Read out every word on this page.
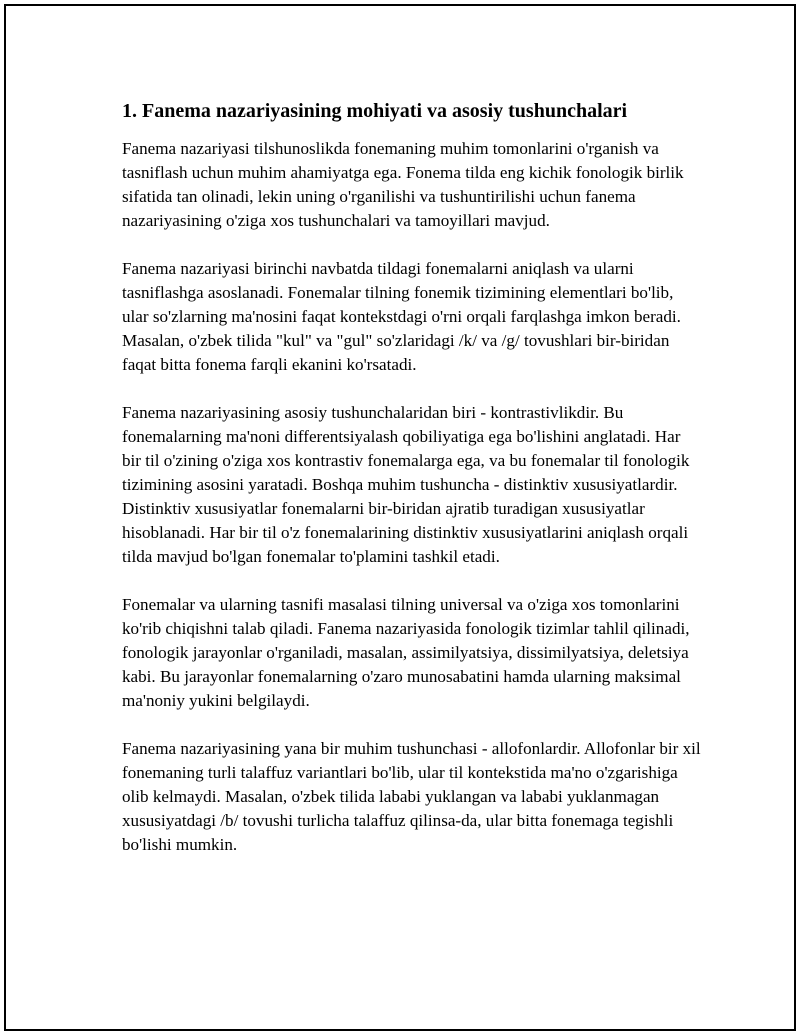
1. Fanema nazariyasining mohiyati va asosiy tushunchalari

Fanema nazariyasi tilshunoslikda fonemaning muhim tomonlarini o'rganish va tasniflash uchun muhim ahamiyatga ega. Fonema tilda eng kichik fonologik birlik sifatida tan olinadi, lekin uning o'rganilishi va tushuntirilishi uchun fanema nazariyasining o'ziga xos tushunchalari va tamoyillari mavjud.

Fanema nazariyasi birinchi navbatda tildagi fonemalarni aniqlash va ularni tasniflashga asoslanadi. Fonemalar tilning fonemik tizimining elementlari bo'lib, ular so'zlarning ma'nosini faqat kontekstdagi o'rni orqali farqlashga imkon beradi. Masalan, o'zbek tilida "kul" va "gul" so'zlaridagi /k/ va /g/ tovushlari bir-biridan faqat bitta fonema farqli ekanini ko'rsatadi.

Fanema nazariyasining asosiy tushunchalaridan biri - kontrastivlikdir. Bu fonemalarning ma'noni differentsiyalash qobiliyatiga ega bo'lishini anglatadi. Har bir til o'zining o'ziga xos kontrastiv fonemalarga ega, va bu fonemalar til fonologik tizimining asosini yaratadi. Boshqa muhim tushuncha - distinktiv xususiyatlardir. Distinktiv xususiyatlar fonemalarni bir-biridan ajratib turadigan xususiyatlar hisoblanadi. Har bir til o'z fonemalarining distinktiv xususiyatlarini aniqlash orqali tilda mavjud bo'lgan fonemalar to'plamini tashkil etadi.

Fonemalar va ularning tasnifi masalasi tilning universal va o'ziga xos tomonlarini ko'rib chiqishni talab qiladi. Fanema nazariyasida fonologik tizimlar tahlil qilinadi, fonologik jarayonlar o'rganiladi, masalan, assimilyatsiya, dissimilyatsiya, deletsiya kabi. Bu jarayonlar fonemalarning o'zaro munosabatini hamda ularning maksimal ma'noniy yukini belgilaydi.

Fanema nazariyasining yana bir muhim tushunchasi - allofonlardir. Allofonlar bir xil fonemaning turli talaffuz variantlari bo'lib, ular til kontekstida ma'no o'zgarishiga olib kelmaydi. Masalan, o'zbek tilida lababi yuklangan va lababi yuklanmagan xususiyatdagi /b/ tovushi turlicha talaffuz qilinsa-da, ular bitta fonemaga tegishli bo'lishi mumkin.
